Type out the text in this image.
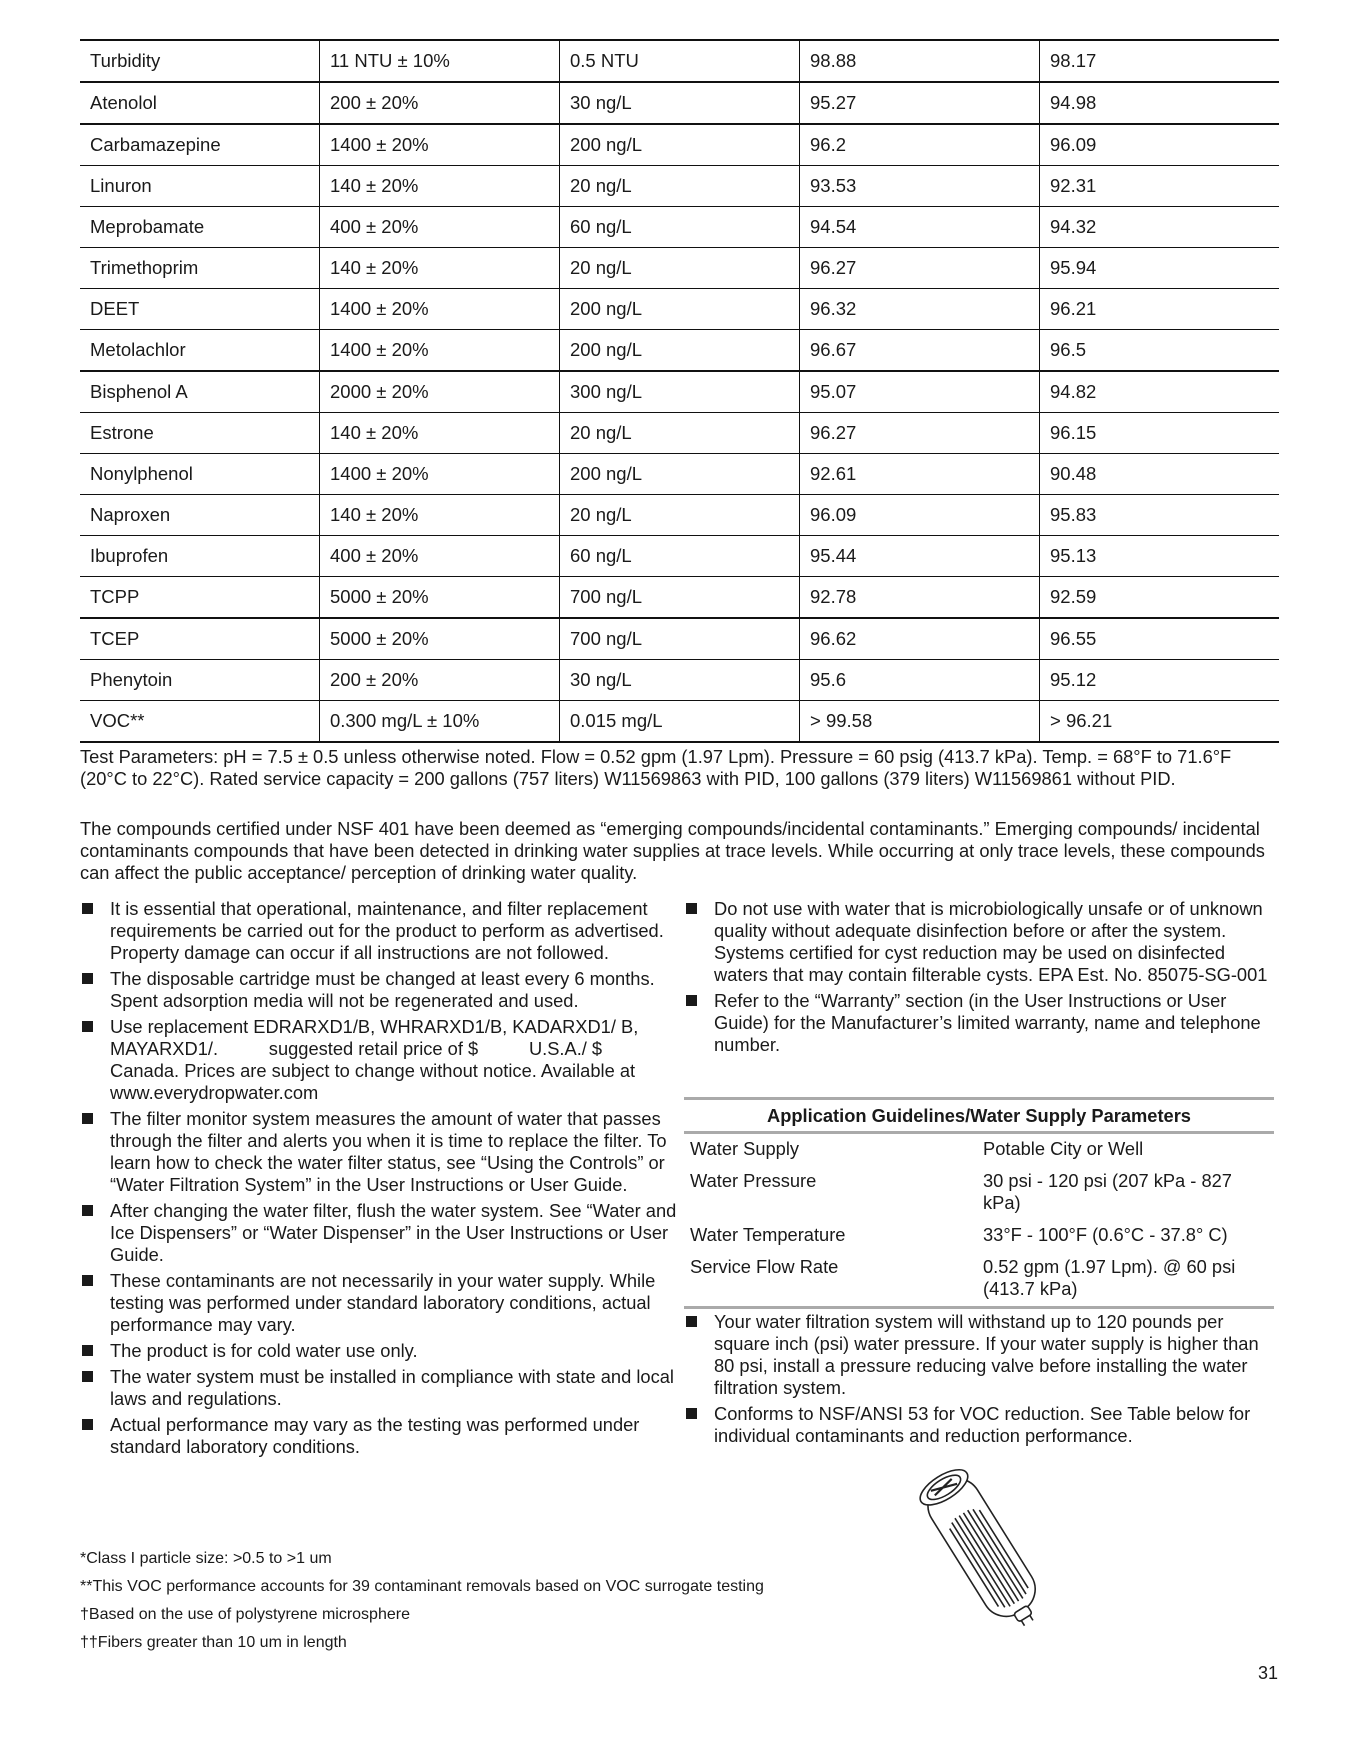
Turbidity	11 NTU ± 10%	0.5 NTU	98.88	98.17
Atenolol	200 ± 20%	30 ng/L	95.27	94.98
Carbamazepine	1400 ± 20%	200 ng/L	96.2	96.09
Linuron	140 ± 20%	20 ng/L	93.53	92.31
Meprobamate	400 ± 20%	60 ng/L	94.54	94.32
Trimethoprim	140 ± 20%	20 ng/L	96.27	95.94
DEET	1400 ± 20%	200 ng/L	96.32	96.21
Metolachlor	1400 ± 20%	200 ng/L	96.67	96.5
Bisphenol A	2000 ± 20%	300 ng/L	95.07	94.82
Estrone	140 ± 20%	20 ng/L	96.27	96.15
Nonylphenol	1400 ± 20%	200 ng/L	92.61	90.48
Naproxen	140 ± 20%	20 ng/L	96.09	95.83
Ibuprofen	400 ± 20%	60 ng/L	95.44	95.13
TCPP	5000 ± 20%	700 ng/L	92.78	92.59
TCEP	5000 ± 20%	700 ng/L	96.62	96.55
Phenytoin	200 ± 20%	30 ng/L	95.6	95.12
VOC**	0.300 mg/L ± 10%	0.015 mg/L	> 99.58	> 96.21

Test Parameters: pH = 7.5 ± 0.5 unless otherwise noted. Flow = 0.52 gpm (1.97 Lpm). Pressure = 60 psig (413.7 kPa). Temp. = 68°F to 71.6°F (20°C to 22°C). Rated service capacity = 200 gallons (757 liters) W11569863 with PID, 100 gallons (379 liters) W11569861 without PID.

The compounds certified under NSF 401 have been deemed as “emerging compounds/incidental contaminants.” Emerging compounds/ incidental contaminants compounds that have been detected in drinking water supplies at trace levels. While occurring at only trace levels, these compounds can affect the public acceptance/ perception of drinking water quality.

It is essential that operational, maintenance, and filter replacement requirements be carried out for the product to perform as advertised. Property damage can occur if all instructions are not followed.
The disposable cartridge must be changed at least every 6 months. Spent adsorption media will not be regenerated and used.
Use replacement EDRARXD1/B, WHRARXD1/B, KADARXD1/ B, MAYARXD1/.          suggested retail price of $          U.S.A./ $          Canada. Prices are subject to change without notice. Available at www.everydropwater.com
The filter monitor system measures the amount of water that passes through the filter and alerts you when it is time to replace the filter. To learn how to check the water filter status, see “Using the Controls” or “Water Filtration System” in the User Instructions or User Guide.
After changing the water filter, flush the water system. See “Water and Ice Dispensers” or “Water Dispenser” in the User Instructions or User Guide.
These contaminants are not necessarily in your water supply. While testing was performed under standard laboratory conditions, actual performance may vary.
The product is for cold water use only.
The water system must be installed in compliance with state and local laws and regulations.
Actual performance may vary as the testing was performed under standard laboratory conditions.
Do not use with water that is microbiologically unsafe or of unknown quality without adequate disinfection before or after the system. Systems certified for cyst reduction may be used on disinfected waters that may contain filterable cysts. EPA Est. No. 85075-SG-001
Refer to the “Warranty” section (in the User Instructions or User Guide) for the Manufacturer’s limited warranty, name and telephone number.
Application Guidelines/Water Supply Parameters
Water Supply	Potable City or Well
Water Pressure	30 psi - 120 psi (207 kPa - 827 kPa)
Water Temperature	33°F - 100°F (0.6°C - 37.8° C)
Service Flow Rate	0.52 gpm (1.97 Lpm). @ 60 psi (413.7 kPa)
Your water filtration system will withstand up to 120 pounds per square inch (psi) water pressure. If your water supply is higher than 80 psi, install a pressure reducing valve before installing the water filtration system.
Conforms to NSF/ANSI 53 for VOC reduction. See Table below for individual contaminants and reduction performance.

*Class I particle size: >0.5 to >1 um

**This VOC performance accounts for 39 contaminant removals based on VOC surrogate testing

†Based on the use of polystyrene microsphere

††Fibers greater than 10 um in length

31
